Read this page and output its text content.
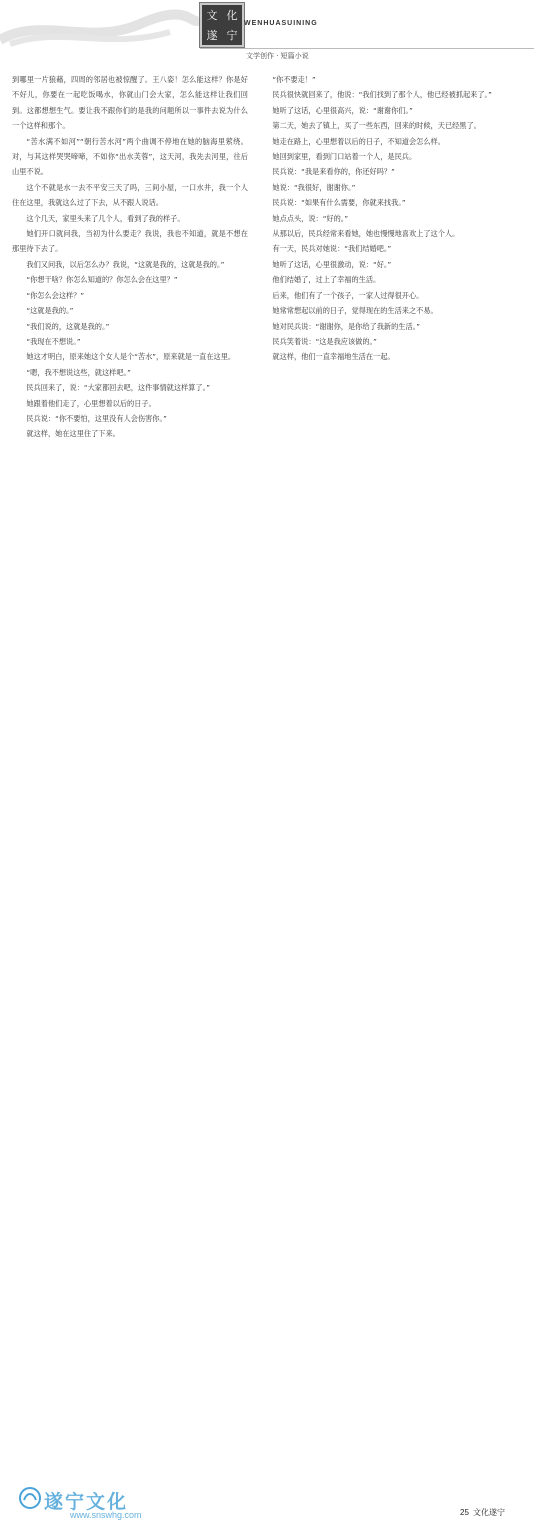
文 化
遂 宁
WENHUASUINING
文学创作 · 短篇小说

到哪里一片狼藉，四周的邻居也被惊醒了。王八姿！怎么能这样？你是好不好儿，你要在一起吃饭喝水，你就山门会大家，怎么能这样让我们回到。这都想想生气。要让我不跟你们的是我的问题所以一事件去说为什么一个这样和那个。

“苦水满不如河”“朝行苦水河”两个曲调不停地在她的脑海里萦绕。对，与其这样哭哭啼啼，不如你“出水芙蓉”，这天河，我先去河里，往后山里不说。

这个不就是水一去不平安三天了吗，三间小屋，一口水井，我一个人住在这里，我就这么过了下去，从不跟人说话。

这个几天，家里头来了几个人，看到了我的样子。

她们开口就问我，当初为什么要走？我说，我也不知道，就是不想在那里待下去了。

我们又问我，以后怎么办？我说，“这就是我的，这就是我的。”

“你想干啥？你怎么知道的？你怎么会在这里？”

“你怎么会这样？”

“这就是我的。”

“我们说的，这就是我的。”

“我现在不想说。”

她这才明白，原来她这个女人是个“苦水”，原来就是一直在这里。

“嗯，我不想说这些，就这样吧。”

民兵回来了，说：“大家都回去吧，这件事情就这样算了。”

她跟着他们走了，心里想着以后的日子。

民兵说：“你不要怕，这里没有人会伤害你。”

就这样，她在这里住了下来。

“你不要走！”

民兵很快就回来了，他说：“我们找到了那个人，他已经被抓起来了。”

她听了这话，心里很高兴，说：“谢谢你们。”

第二天，她去了镇上，买了一些东西，回来的时候，天已经黑了。

她走在路上，心里想着以后的日子，不知道会怎么样。

她回到家里，看到门口站着一个人，是民兵。

民兵说：“我是来看你的，你还好吗？”

她说：“我很好，谢谢你。”

民兵说：“如果有什么需要，你就来找我。”

她点点头，说：“好的。”

从那以后，民兵经常来看她，她也慢慢地喜欢上了这个人。

有一天，民兵对她说：“我们结婚吧。”

她听了这话，心里很激动，说：“好。”

他们结婚了，过上了幸福的生活。

后来，他们有了一个孩子，一家人过得很开心。

她常常想起以前的日子，觉得现在的生活来之不易。

她对民兵说：“谢谢你，是你给了我新的生活。”

民兵笑着说：“这是我应该做的。”

就这样，他们一直幸福地生活在一起。

遂宁文化
www.snswhg.com	25 文化遂宁
